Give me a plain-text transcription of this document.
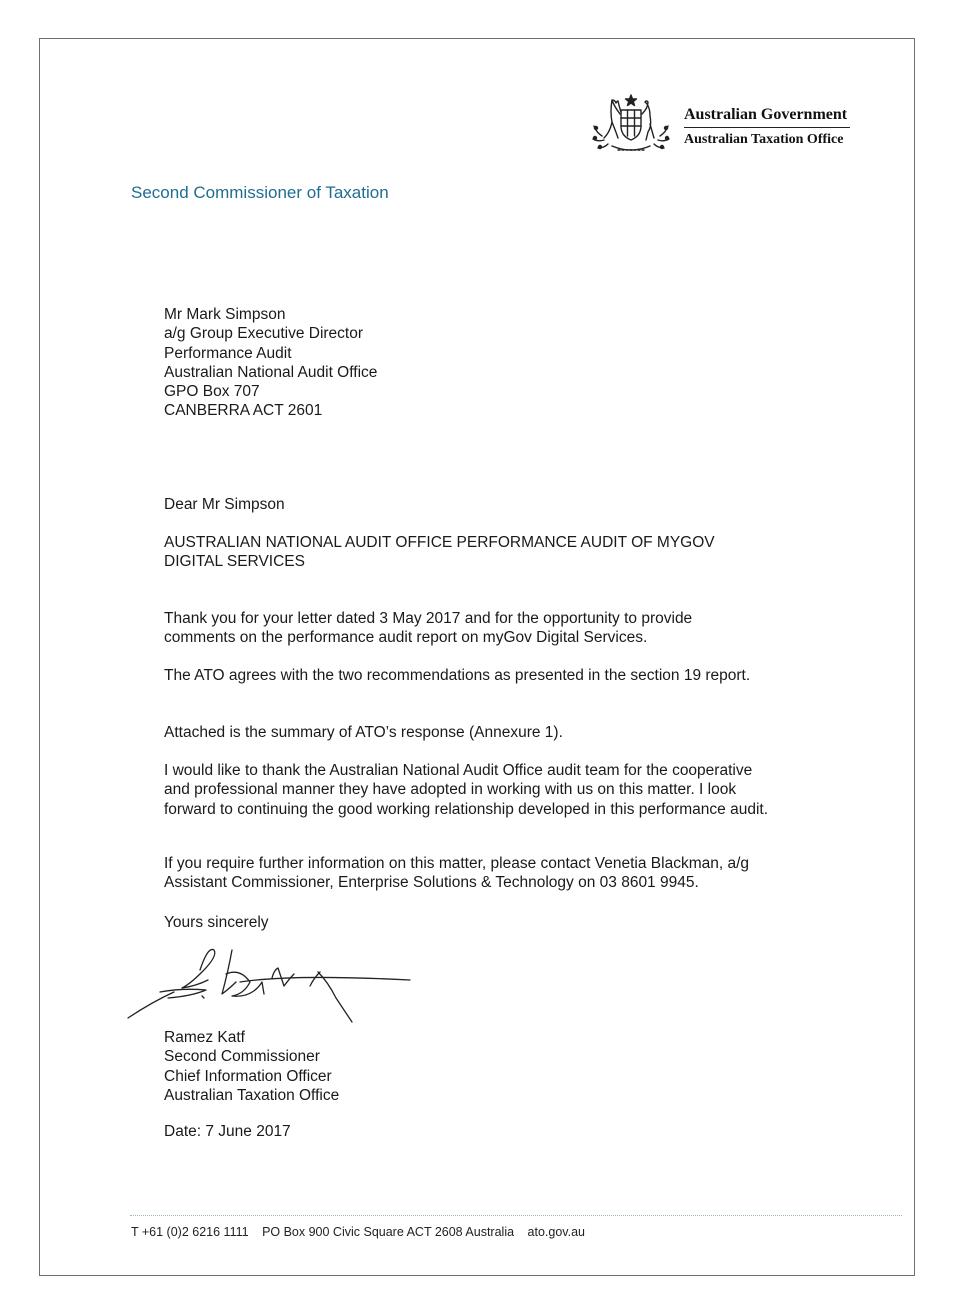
Australian Government
Australian Taxation Office
Second Commissioner of Taxation
Mr Mark Simpson
a/g Group Executive Director
Performance Audit
Australian National Audit Office
GPO Box 707
CANBERRA ACT 2601
Dear Mr Simpson
AUSTRALIAN NATIONAL AUDIT OFFICE PERFORMANCE AUDIT OF MYGOV
DIGITAL SERVICES
Thank you for your letter dated 3 May 2017 and for the opportunity to provide comments on the performance audit report on myGov Digital Services.
The ATO agrees with the two recommendations as presented in the section 19 report.
Attached is the summary of ATO’s response (Annexure 1).
I would like to thank the Australian National Audit Office audit team for the cooperative and professional manner they have adopted in working with us on this matter. I look forward to continuing the good working relationship developed in this performance audit.
If you require further information on this matter, please contact Venetia Blackman, a/g Assistant Commissioner, Enterprise Solutions & Technology on 03 8601 9945.
Yours sincerely
Ramez Katf
Second Commissioner
Chief Information Officer
Australian Taxation Office
Date: 7 June 2017
T +61 (0)2 6216 1111 PO Box 900 Civic Square ACT 2608 Australia ato.gov.au
